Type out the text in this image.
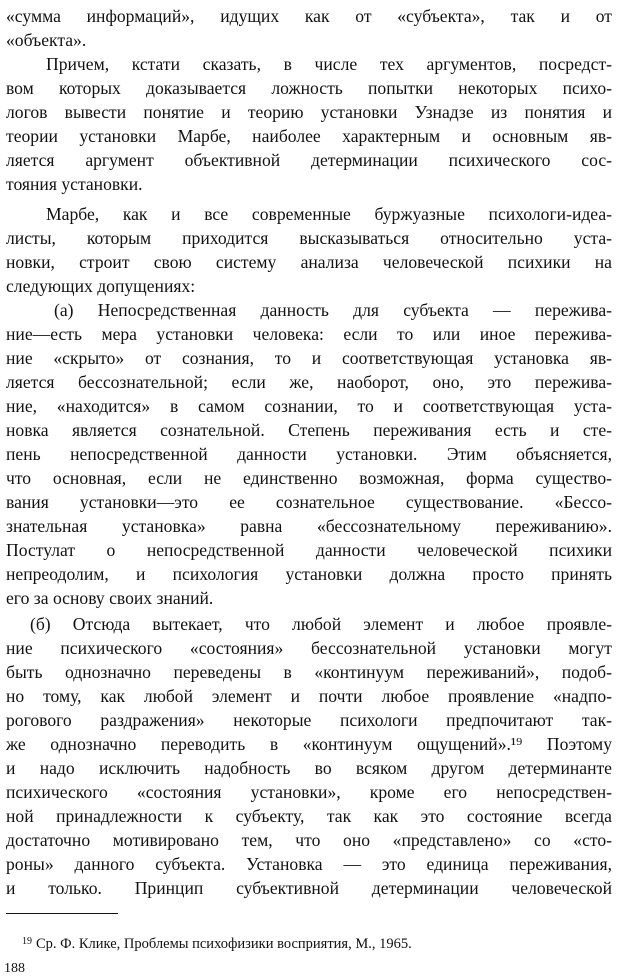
«сумма информаций», идущих как от «субъекта», так и от
«объекта».
Причем, кстати сказать, в числе тех аргументов, посредст-
вом которых доказывается ложность попытки некоторых психо-
логов вывести понятие и теорию установки Узнадзе из понятия и
теории установки Марбе, наиболее характерным и основным яв-
ляется аргумент объективной детерминации психического сос-
тояния установки.
Марбе, как и все современные буржуазные психологи-идеа-
листы, которым приходится высказываться относительно уста-
новки, строит свою систему анализа человеческой психики на
следующих допущениях:
(а) Непосредственная данность для субъекта — пережива-
ние—есть мера установки человека: если то или иное пережива-
ние «скрыто» от сознания, то и соответствующая установка яв-
ляется бессознательной; если же, наоборот, оно, это пережива-
ние, «находится» в самом сознании, то и соответствующая уста-
новка является сознательной. Степень переживания есть и сте-
пень непосредственной данности установки. Этим объясняется,
что основная, если не единственно возможная, форма существо-
вания установки—это ее сознательное существование. «Бессо-
знательная установка» равна «бессознательному переживанию».
Постулат о непосредственной данности человеческой психики
непреодолим, и психология установки должна просто принять
его за основу своих знаний.
(б) Отсюда вытекает, что любой элемент и любое проявле-
ние психического «состояния» бессознательной установки могут
быть однозначно переведены в «континуум переживаний», подоб-
но тому, как любой элемент и почти любое проявление «надпо-
рогового раздражения» некоторые психологи предпочитают так-
же однозначно переводить в «континуум ощущений».¹⁹ Поэтому
и надо исключить надобность во всяком другом детерминанте
психического «состояния установки», кроме его непосредствен-
ной принадлежности к субъекту, так как это состояние всегда
достаточно мотивировано тем, что оно «представлено» со «сто-
роны» данного субъекта. Установка — это единица переживания,
и только. Принцип субъективной детерминации человеческой
$^{19}$ Ср. Ф. Клике, Проблемы психофизики восприятия, М., 1965.
188
